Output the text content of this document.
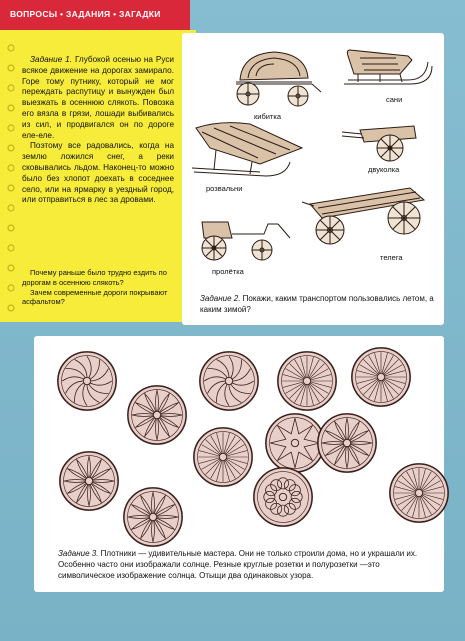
ВОПРОСЫ • ЗАДАНИЯ • ЗАГАДКИ

Задание 1. Глубокой осенью на Руси всякое движение на дорогах замирало. Горе тому путнику, который не мог переждать распутицу и вынужден был выезжать в осеннюю слякоть. Повозка его вязла в грязи, лошади выбивались из сил, и продвигался он по дороге еле-еле.

Поэтому все радовались, когда на землю ложился снег, а реки сковывались льдом. Наконец-то можно было без хлопот доехать в соседнее село, или на ярмарку в уездный город, или отправиться в лес за дровами.

Почему раньше было трудно ездить по дорогам в осеннюю слякоть?

Зачем современные дороги покрывают асфальтом?

кибитка
сани
розвальни
двуколка
телега
пролётка
Задание 2. Покажи, каким транспортом пользовались летом, а каким зимой?
Задание 3. Плотники — удивительные мастера. Они не только строили дома, но и украшали их. Особенно часто они изображали солнце. Резные круглые розетки и полурозетки —это символическое изображение солнца. Отыщи два одинаковых узора.
